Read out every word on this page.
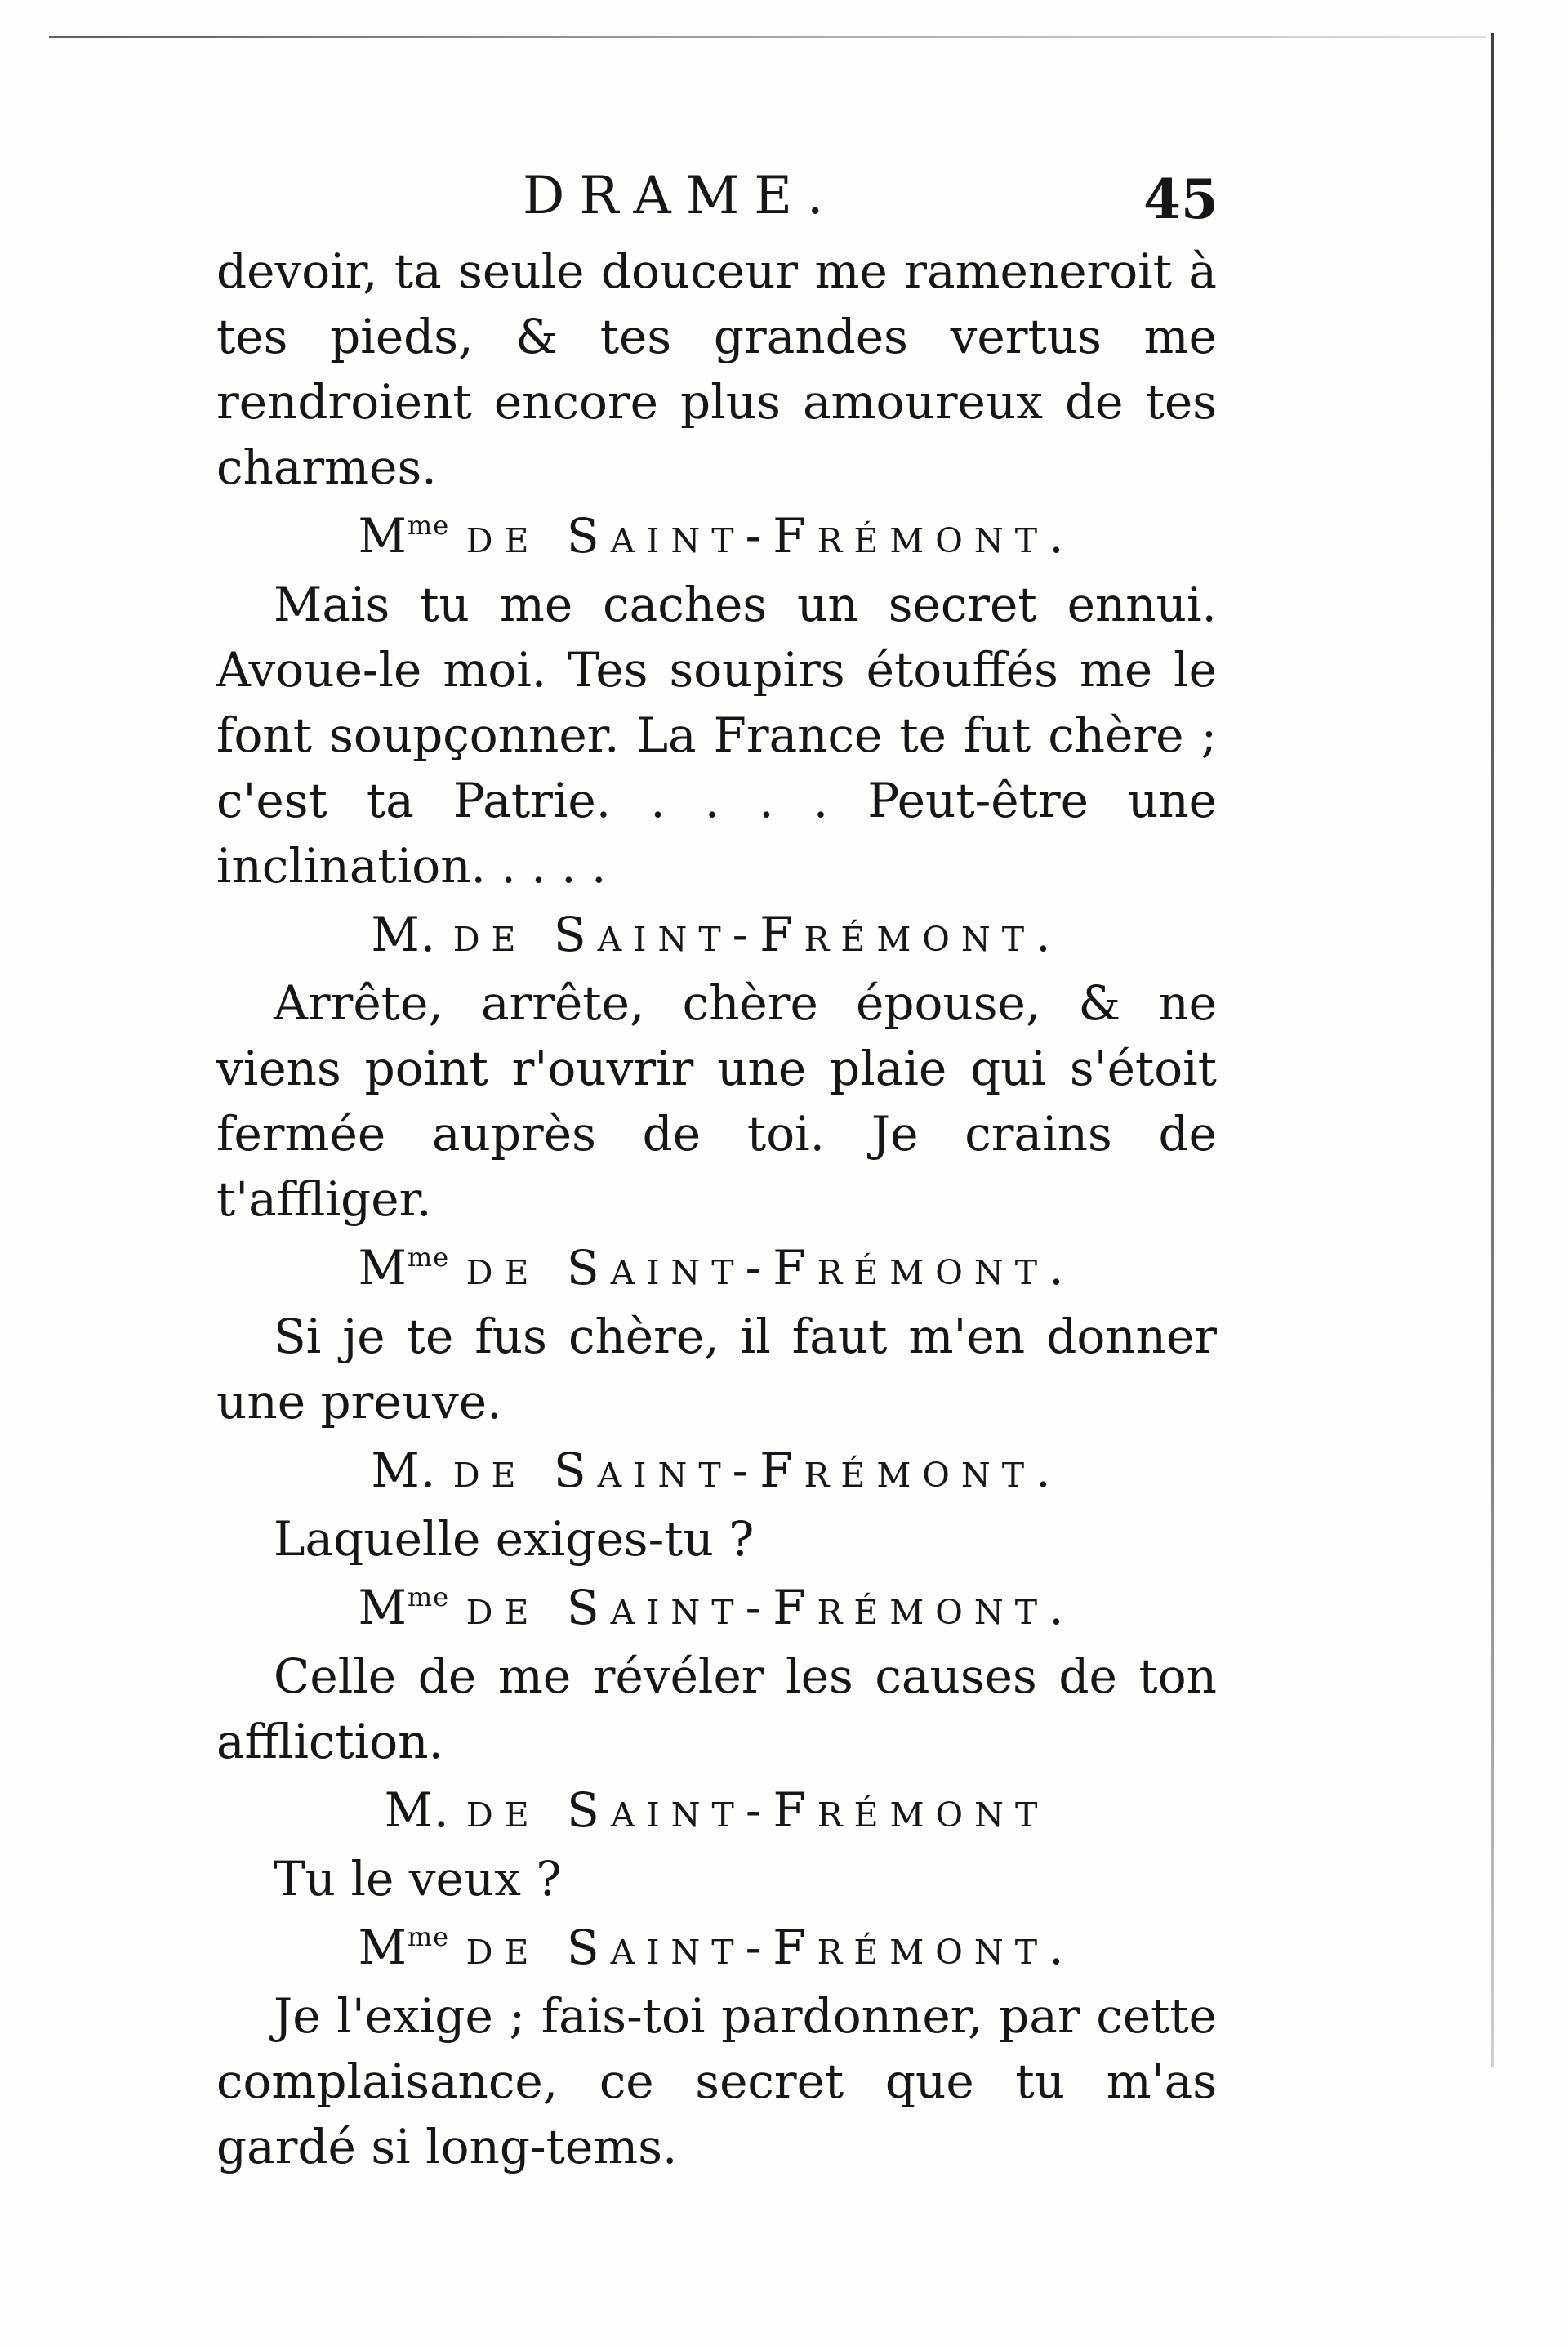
DRAME.	45

devoir, ta seule douceur me rameneroit à tes pieds, & tes grandes vertus me rendroient encore plus amoureux de tes charmes.

$M^{me}$ de Saint-Frémont.

Mais tu me caches un secret ennui. Avoue-le moi. Tes soupirs étouffés me le font soupçonner. La France te fut chère ; c'est ta Patrie. . . . . Peut-être une inclination. . . . .

M. de Saint-Frémont.

Arrête, arrête, chère épouse, & ne viens point r'ouvrir une plaie qui s'étoit fermée auprès de toi. Je crains de t'affliger.

$M^{me}$ de Saint-Frémont.

Si je te fus chère, il faut m'en donner une preuve.

M. de Saint-Frémont.

Laquelle exiges-tu ?

$M^{me}$ de Saint-Frémont.

Celle de me révéler les causes de ton affliction.

M. de Saint-Frémont

Tu le veux ?

$M^{me}$ de Saint-Frémont.

Je l'exige ; fais-toi pardonner, par cette complaisance, ce secret que tu m'as gardé si long-tems.
